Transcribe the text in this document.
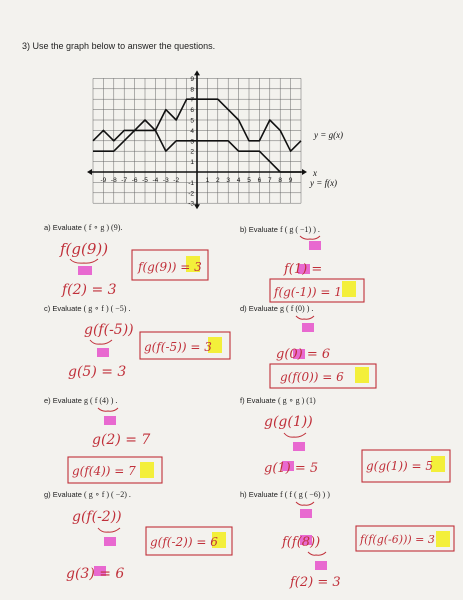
3) Use the graph below to answer the questions.
-9 -8 -7 -6 -5 -4 -3 -2	1 2 3 4 5 6 7 8 9
9
8
7
6
5
4
3
2
1
-1
-2
-3
y = g(x)
y = f(x)
x
a) Evaluate ( f ∘ g ) (9).	b) Evaluate f ( g ( −1) ) .
c) Evaluate ( g ∘ f ) ( −5) .	d) Evaluate g ( f (0) ) .
e) Evaluate g ( f (4) ) .	f) Evaluate ( g ∘ g ) (1)
g) Evaluate ( g ∘ f ) ( −2) .	h) Evaluate f ( f ( g ( −6) ) )
f(g(9))
f(2) = 3
f(g(9)) = 3	f(1) =
f(g(-1)) = 1
g(f(-5))
g(5) = 3
g(f(-5)) = 3	g(0) = 6
g(f(0)) = 6
g(2) = 7
g(f(4)) = 7
g(g(1))
g(1) = 5	g(g(1)) = 5
g(f(-2))
g(3) = 6
g(f(-2)) = 6	f(f(8))
f(2) = 3
f(f(g(-6))) = 3
